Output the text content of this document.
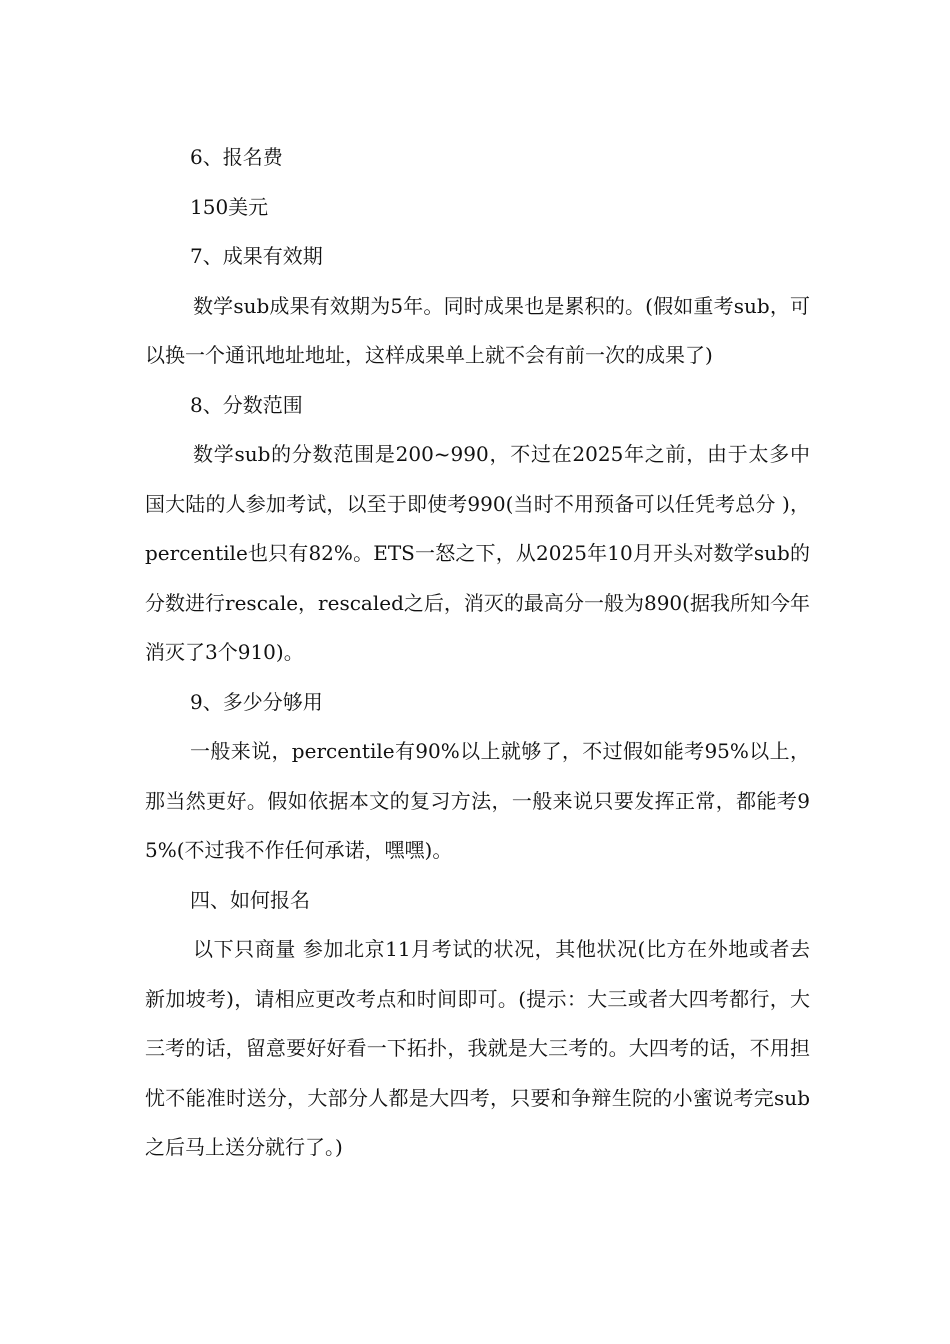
6、报名费

150美元

7、成果有效期

数学sub成果有效期为5年。同时成果也是累积的。(假如重考sub，可以换一个通讯地址地址，这样成果单上就不会有前一次的成果了)

8、分数范围

数学sub的分数范围是200~990，不过在2025年之前，由于太多中国大陆的人参加考试，以至于即使考990(当时不用预备可以任凭考总分 )，percentile也只有82%。ETS一怒之下，从2025年10月开头对数学sub的分数进行rescale，rescaled之后，消灭的最高分一般为890(据我所知今年消灭了3个910)。

9、多少分够用

一般来说，percentile有90%以上就够了，不过假如能考95%以上，那当然更好。假如依据本文的复习方法，一般来说只要发挥正常，都能考95%(不过我不作任何承诺，嘿嘿)。

四、如何报名

以下只商量 参加北京11月考试的状况，其他状况(比方在外地或者去新加坡考)，请相应更改考点和时间即可。(提示：大三或者大四考都行，大三考的话，留意要好好看一下拓扑，我就是大三考的。大四考的话，不用担忧不能准时送分，大部分人都是大四考，只要和争辩生院的小蜜说考完sub之后马上送分就行了。)
